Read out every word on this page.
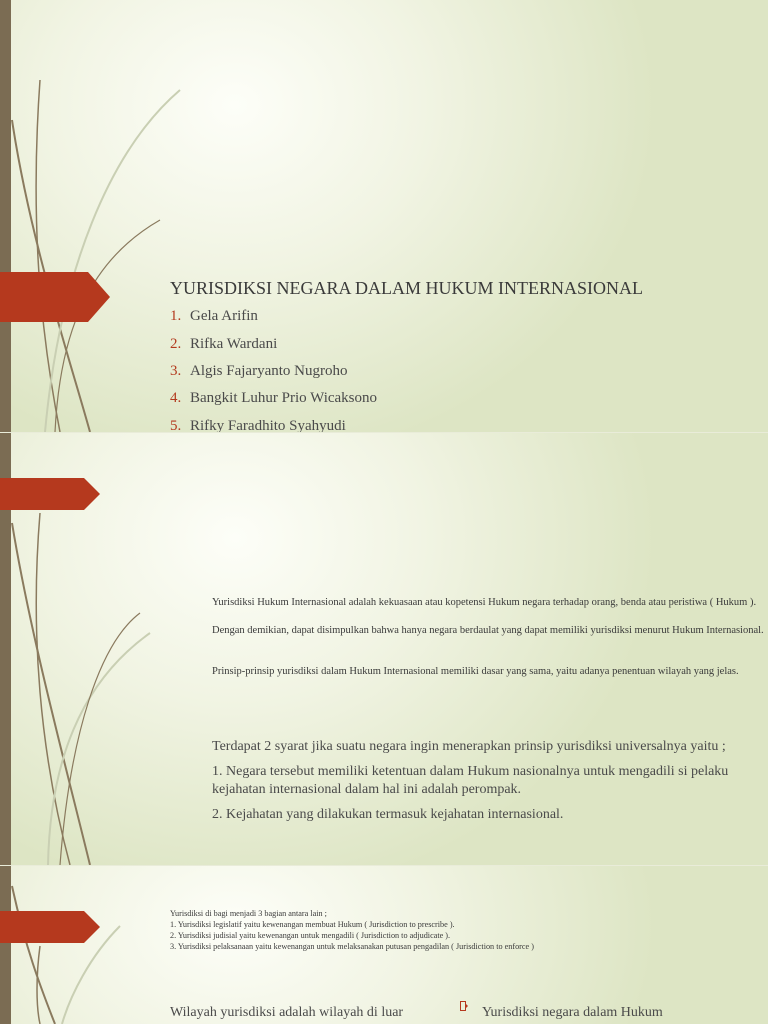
YURISDIKSI NEGARA DALAM HUKUM INTERNASIONAL
1. Gela Arifin
2. Rifka Wardani
3. Algis Fajaryanto Nugroho
4. Bangkit Luhur Prio Wicaksono
5. Rifky Faradhito Syahyudi

Yurisdiksi Hukum Internasional adalah kekuasaan atau kopetensi Hukum negara terhadap orang, benda atau peristiwa ( Hukum ).

Dengan demikian, dapat disimpulkan bahwa hanya negara berdaulat yang dapat memiliki yurisdiksi menurut Hukum Internasional.

Prinsip-prinsip yurisdiksi dalam Hukum Internasional memiliki dasar yang sama, yaitu adanya penentuan wilayah yang jelas.

Terdapat 2 syarat jika suatu negara ingin menerapkan prinsip yurisdiksi universalnya yaitu ;

1. Negara tersebut memiliki ketentuan dalam Hukum nasionalnya untuk mengadili si pelaku kejahatan internasional dalam hal ini adalah perompak.

2. Kejahatan yang dilakukan termasuk kejahatan internasional.

Yurisdiksi di bagi menjadi 3 bagian antara lain ;

1. Yurisdiksi legislatif yaitu kewenangan membuat Hukum ( Jurisdiction to prescribe ).

2. Yurisdiksi judisial yaitu kewenangan untuk mengadili ( Jurisdiction to adjudicate ).

3. Yurisdiksi pelaksanaan yaitu kewenangan untuk melaksanakan putusan pengadilan ( Jurisdiction to enforce )

Wilayah yurisdiksi adalah wilayah di luar	Yurisdiksi negara dalam Hukum
